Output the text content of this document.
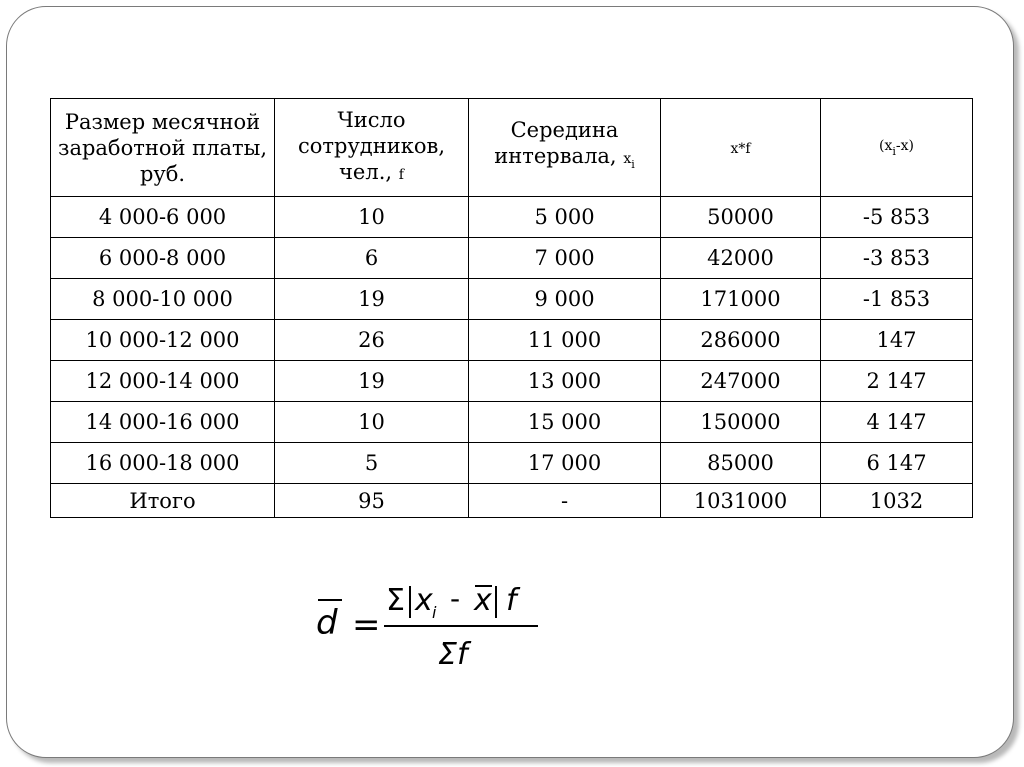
Размер месячной заработной платы, руб.	Число сотрудников, чел., f	Середина интервала, $x_i$	x*f	$(x_i-x)$
4 000-6 000	10	5 000	50000	-5 853
6 000-8 000	6	7 000	42000	-3 853
8 000-10 000	19	9 000	171000	-1 853
10 000-12 000	26	11 000	286000	147
12 000-14 000	19	13 000	247000	2 147
14 000-16 000	10	15 000	150000	4 147
16 000-18 000	5	17 000	85000	6 147
Итого	95	-	1031000	1032
d =
Σ x i - x f
Σf
